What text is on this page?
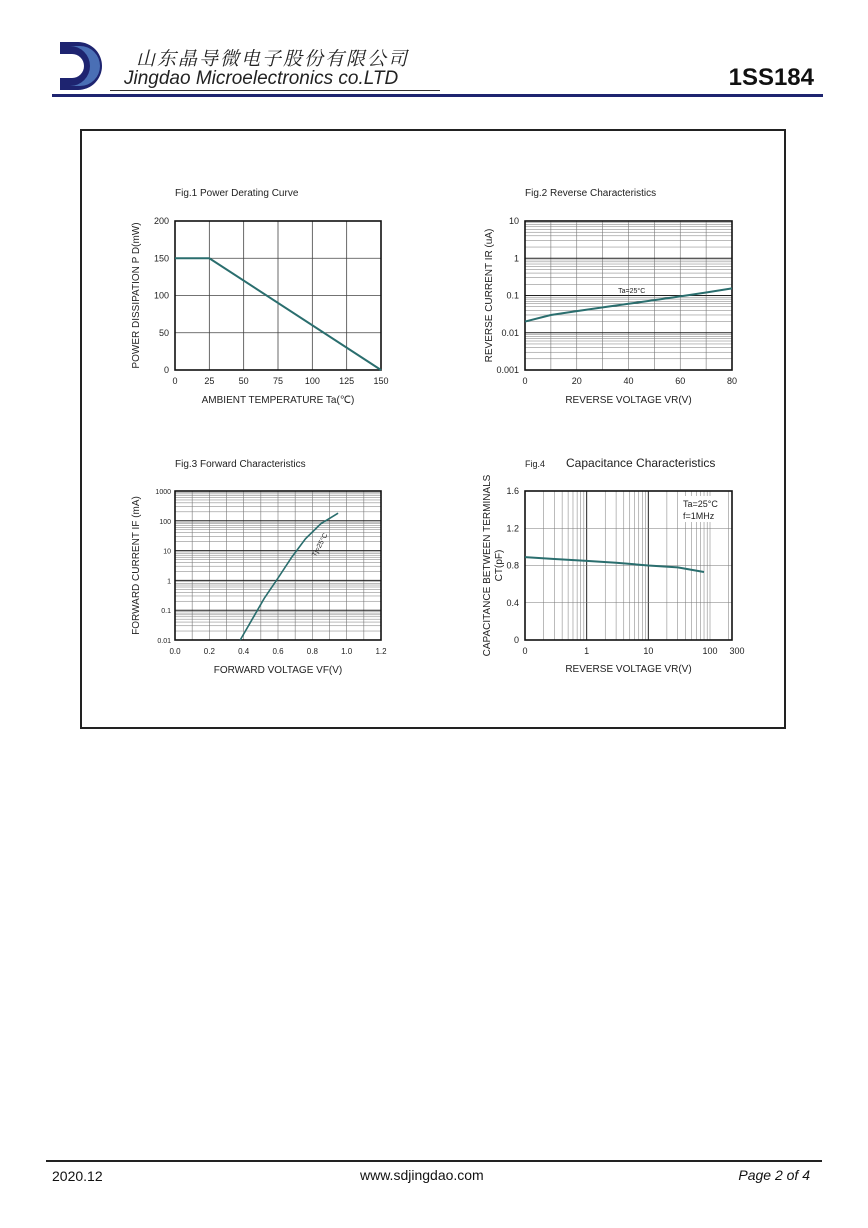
山东晶导微电子股份有限公司
Jingdao Microelectronics co.LTD	1SS184
Fig.1 Power Derating Curve
0	25	50	75 100 125 150
0
50
100
150
200
AMBIENT TEMPERATURE Ta(℃)
POWER DISSIPATION P D(mW)
Fig.2 Reverse Characteristics
0	20	40	60	80
0.001
0.01
0.1
1
10
Ta=25°C
REVERSE VOLTAGE VR(V)
REVERSE CURRENT IR (uA)
Fig.3 Forward Characteristics
0.0	0.2	0.4	0.6	0.8	1.0	1.2
0.01
0.1
1
10
100
1000
Tj=25°C
FORWARD VOLTAGE VF(V)
FORWARD CURRENT IF (mA)
Fig.4 Capacitance Characteristics
0
0.4
0.8
1.2
1.6
0	1	10	100 300
Ta=25°C
f=1MHz
REVERSE VOLTAGE VR(V)
CAPACITANCE BETWEEN TERMINALS CT(pF)
2020.12	www.sdjingdao.com	Page 2 of 4
